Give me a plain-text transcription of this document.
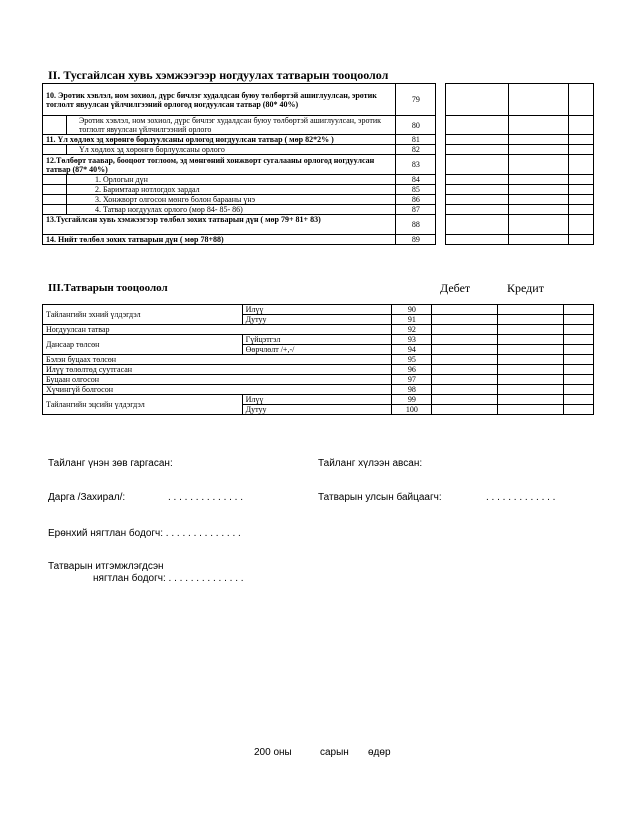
II. Тусгайлсан хувь хэмжээгээр ногдуулах татварын тооцоолол
10. Эротик хэвлэл, ном зохиол, дүрс бичлэг худалдсан буюу төлбөртэй ашиглуулсан, эротик тоглолт явуулсан үйлчилгээний орлогод ногдуулсан татвар (80* 40%)		79				
	Эротик хэвлэл, ном зохиол, дүрс бичлэг худалдсан буюу төлбөртэй ашиглуулсан, эротик тоглолт явуулсан үйлчилгээний орлого	80				
11. Үл хөдлөх эд хөрөнгө борлуулсаны орлогод ногдуулсан татвар ( мөр 82*2% )		81				
	Үл хөдлөх эд хөрөнгө борлуулсаны орлого	82				
12.Төлбөрт таавар, бооцоот тоглоом, эд мөнгөний хонжворт сугалааны орлогод ногдуулсан татвар (87* 40%)		83				
	1. Орлогын дүн	84				
	2. Баримтаар нотлогдох зардал	85				
	3. Хонжворт олгосон мөнгө болон барааны үнэ	86				
	4. Татвар ногдуулах орлого (мөр 84- 85- 86)	87				
13.Тусгайлсан хувь хэмжээгээр төлбөл зохих татварын дүн ( мөр 79+ 81+ 83)		88				
14. Нийт төлбөл зохих татварын дүн ( мөр 78+88)		89				
III.Татварын тооцоолол	Дебет	Кредит
Тайлангийн эхний үлдэгдэл	Илүү	90			
	Дутуу	91			
Ногдуулсан татвар		92			
Дансаар төлсөн	Гүйцэтгэл	93			
	Өөрчлөлт /+,-/	94			
Бэлэн буцаах төлсөн		95			
Илүү төлөлтөд суутгасан		96			
Буцаан олгосон		97			
Хүчингүй болгосон		98			
Тайлангийн эцсийн үлдэгдэл	Илүү	99			
	Дутуу	100			
Тайланг үнэн зөв гаргасан:	Тайланг хүлээн авсан:
Дарга /Захирал/:	. . . . . . . . . . . . . .	Татварын улсын байцаагч:	. . . . . . . . . . . . .
Ерөнхий нягтлан бодогч: . . . . . . . . . . . . . .
Татварын итгэмжлэгдсэн
нягтлан бодогч: . . . . . . . . . . . . . .
200 оны	сарын өдөр
